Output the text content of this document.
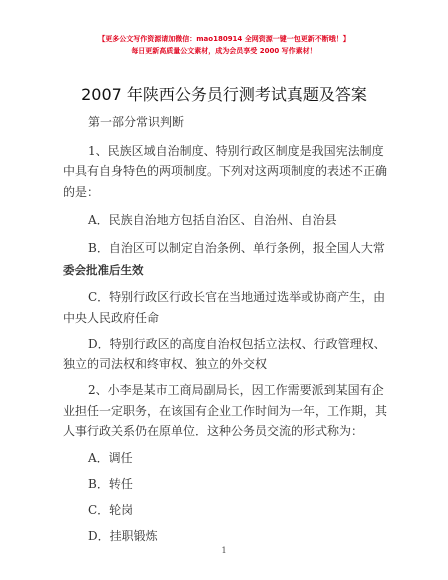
【更多公文写作资源请加微信：mao180914 全网资源一键一包更新不断哦！】
每日更新高质量公文素材，成为会员享受 2000 写作素材！
2007 年陕西公务员行测考试真题及答案
第一部分常识判断
1、民族区域自治制度、特别行政区制度是我国宪法制度
中具有自身特色的两项制度。下列对这两项制度的表述不正确
的是：
A．民族自治地方包括自治区、自治州、自治县
B．自治区可以制定自治条例、单行条例，报全国人大常
委会批准后生效
C．特别行政区行政长官在当地通过选举或协商产生，由
中央人民政府任命
D．特别行政区的高度自治权包括立法权、行政管理权、
独立的司法权和终审权、独立的外交权
2、小李是某市工商局副局长，因工作需要派到某国有企
业担任一定职务，在该国有企业工作时间为一年，工作期，其
人事行政关系仍在原单位．这种公务员交流的形式称为：
A．调任
B．转任
C．轮岗
D．挂职锻炼
1
